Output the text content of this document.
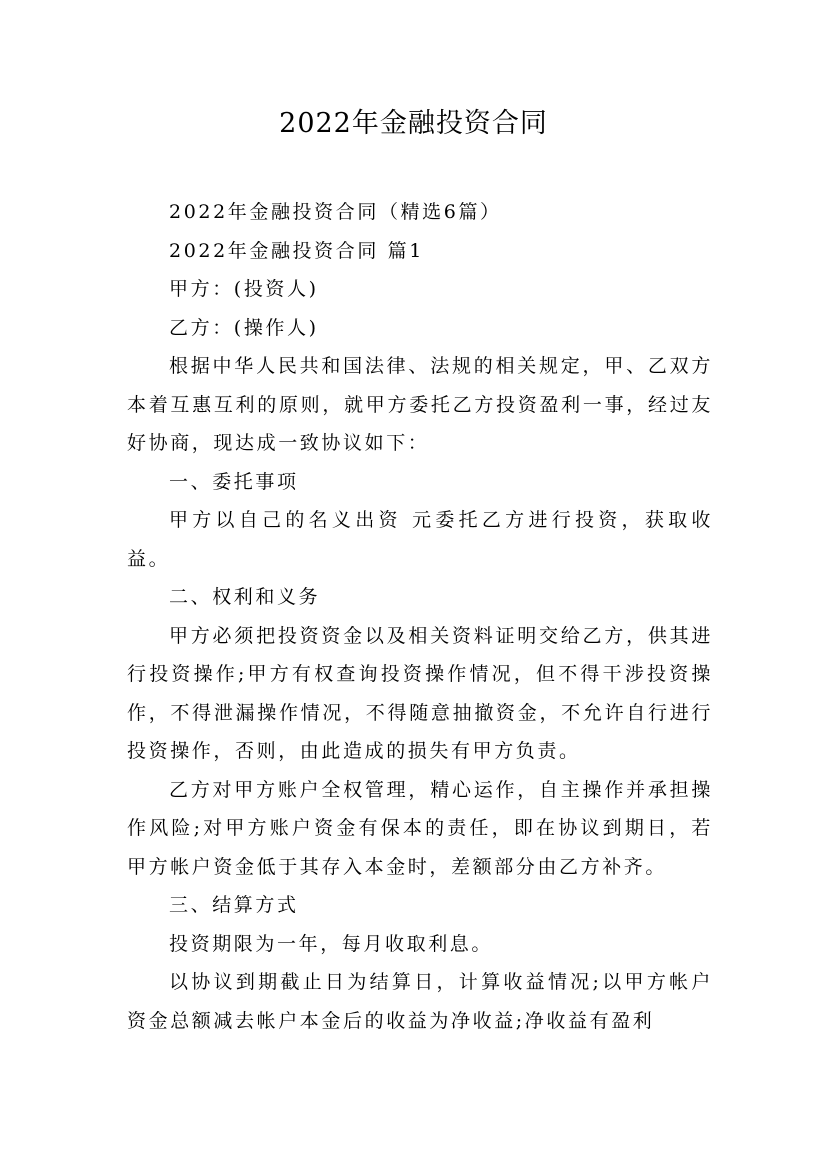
2022年金融投资合同

2022年金融投资合同（精选6篇）

2022年金融投资合同 篇1

甲方：(投资人)

乙方：(操作人)

根据中华人民共和国法律、法规的相关规定，甲、乙双方本着互惠互利的原则，就甲方委托乙方投资盈利一事，经过友好协商，现达成一致协议如下：

一、委托事项

甲方以自己的名义出资 元委托乙方进行投资，获取收益。

二、权利和义务

甲方必须把投资资金以及相关资料证明交给乙方，供其进行投资操作;甲方有权查询投资操作情况，但不得干涉投资操作，不得泄漏操作情况，不得随意抽撤资金，不允许自行进行投资操作，否则，由此造成的损失有甲方负责。

乙方对甲方账户全权管理，精心运作，自主操作并承担操作风险;对甲方账户资金有保本的责任，即在协议到期日，若甲方帐户资金低于其存入本金时，差额部分由乙方补齐。

三、结算方式

投资期限为一年，每月收取利息。

以协议到期截止日为结算日，计算收益情况;以甲方帐户资金总额减去帐户本金后的收益为净收益;净收益有盈利
